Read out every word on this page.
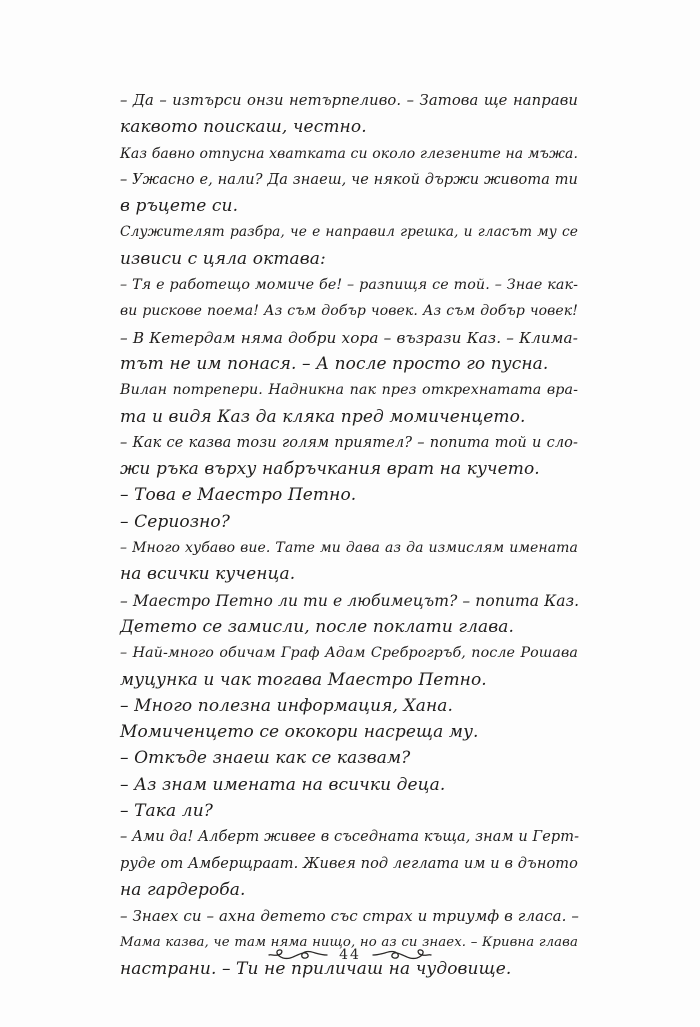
– Да – изтърси онзи нетърпеливо. – Затова ще направи
каквото поискаш, честно.
Каз бавно отпусна хватката си около глезените на мъжа.
– Ужасно е, нали? Да знаеш, че някой държи живота ти
в ръцете си.
Служителят разбра, че е направил грешка, и гласът му се
извиси с цяла октава:
– Тя е работещо момиче бе! – разпищя се той. – Знае как-
ви рискове поема! Аз съм добър човек. Аз съм добър човек!
– В Кетердам няма добри хора – възрази Каз. – Клима-
тът не им понася. – А после просто го пусна.
Вилан потрепери. Надникна пак през открехнатата вра-
та и видя Каз да кляка пред момиченцето.
– Как се казва този голям приятел? – попита той и сло-
жи ръка върху набръчкания врат на кучето.
– Това е Маестро Петно.
– Сериозно?
– Много хубаво вие. Тате ми дава аз да измислям имената
на всички кученца.
– Маестро Петно ли ти е любимецът? – попита Каз.
Детето се замисли, после поклати глава.
– Най-много обичам Граф Адам Среброгръб, после Рошава
муцунка и чак тогава Маестро Петно.
– Много полезна информация, Хана.
Момиченцето се ококори насреща му.
– Откъде знаеш как се казвам?
– Аз знам имената на всички деца.
– Така ли?
– Ами да! Алберт живее в съседната къща, знам и Герт-
руде от Амберщраат. Живея под леглата им и в дъното
на гардероба.
– Знаех си – ахна детето със страх и триумф в гласа. –
Мама казва, че там няма нищо, но аз си знаех. – Кривна глава
настрани. – Ти не приличаш на чудовище.
44
